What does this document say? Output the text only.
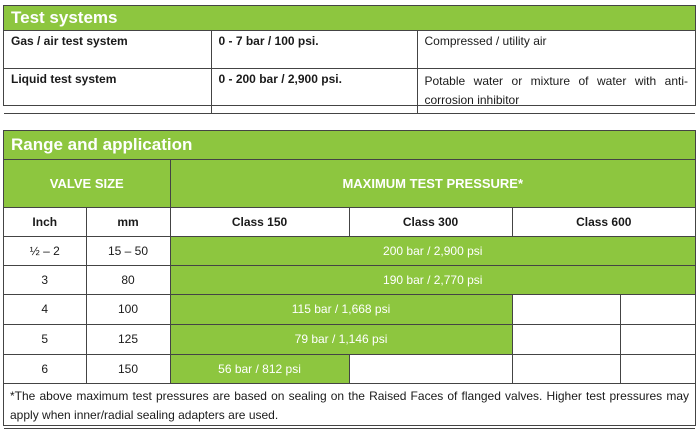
Test systems
Gas / air test system	0 - 7 bar / 100 psi.	Compressed / utility air
Liquid test system	0 - 200 bar / 2,900 psi.	Potable water or mixture of water with anti-corrosion inhibitor
Range and application
VALVE SIZE		MAXIMUM TEST PRESSURE*			
Inch	mm	Class 150	Class 300	Class 600	
½ – 2	15 – 50	200 bar / 2,900 psi			
3	80	190 bar / 2,770 psi			
4	100	115 bar / 1,668 psi			
5	125	79 bar / 1,146 psi			
6	150	56 bar / 812 psi			
*The above maximum test pressures are based on sealing on the Raised Faces of flanged valves. Higher test pressures may apply when inner/radial sealing adapters are used.					
